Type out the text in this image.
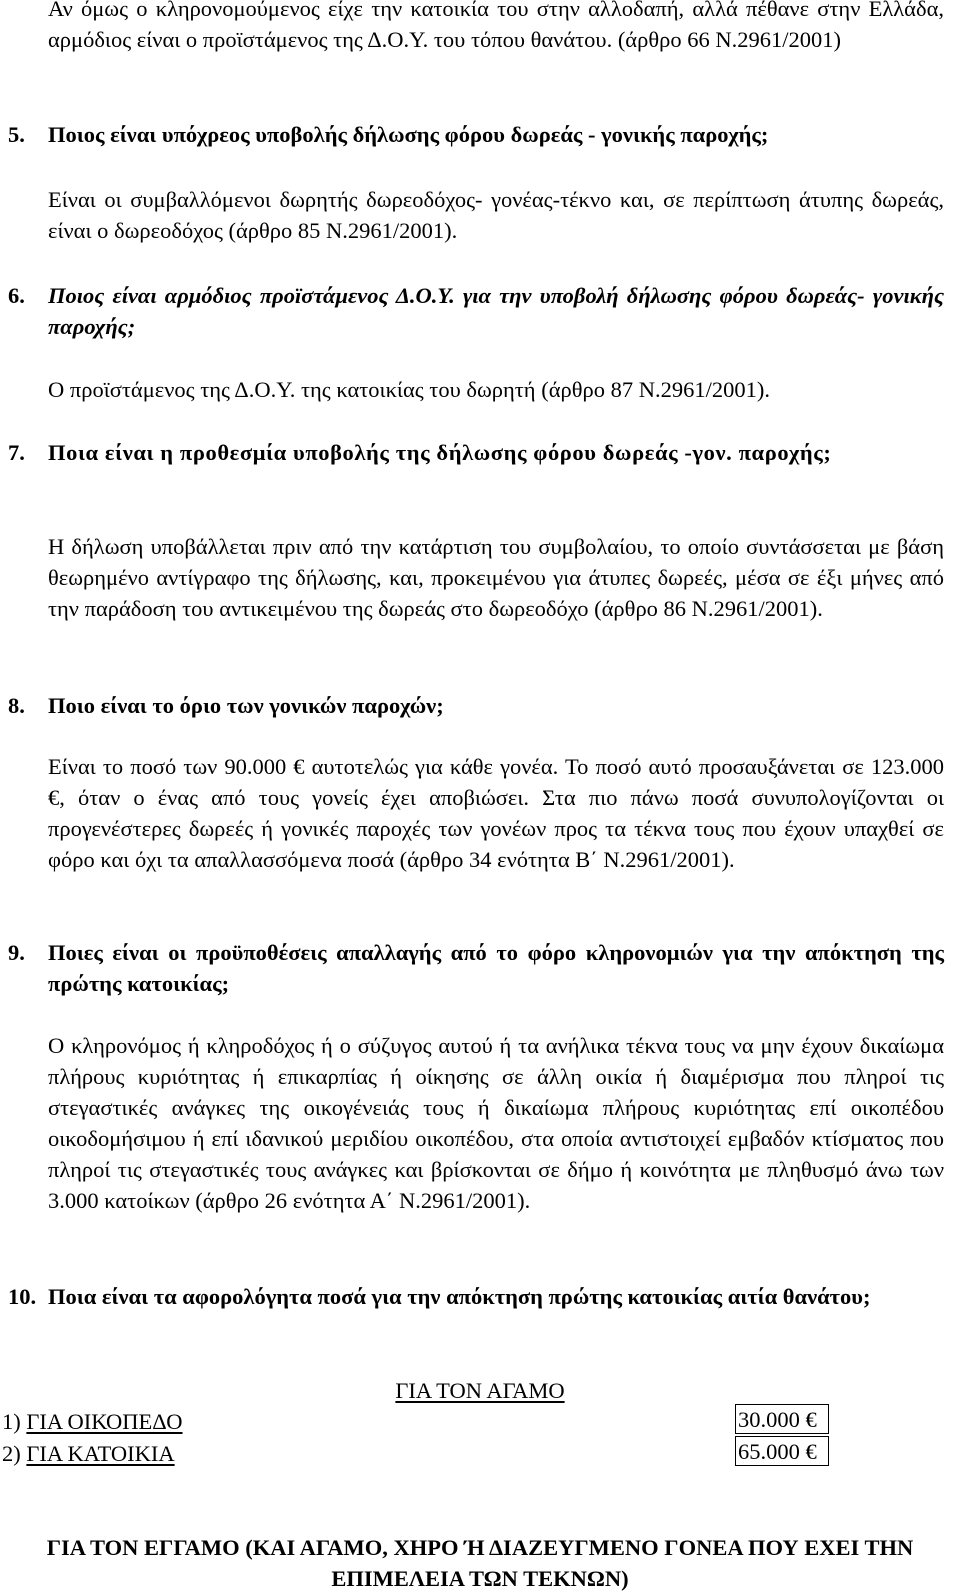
Αν όμως ο κληρονομούμενος είχε την κατοικία του στην αλλοδαπή, αλλά πέθανε στην Ελλάδα, αρμόδιος είναι ο προϊστάμενος της Δ.Ο.Υ. του τόπου θανάτου. (άρθρο 66 Ν.2961/2001)

5. Ποιος είναι υπόχρεος υποβολής δήλωσης φόρου δωρεάς - γονικής παροχής;

Είναι οι συμβαλλόμενοι δωρητής δωρεοδόχος- γονέας-τέκνο και, σε περίπτωση άτυπης δωρεάς, είναι ο δωρεοδόχος (άρθρο 85 Ν.2961/2001).

6. Ποιος είναι αρμόδιος προϊστάμενος Δ.Ο.Υ. για την υποβολή δήλωσης φόρου δωρεάς- γονικής παροχής;

Ο προϊστάμενος της Δ.Ο.Υ. της κατοικίας του δωρητή (άρθρο 87 Ν.2961/2001).

7. Ποια είναι η προθεσμία υποβολής της δήλωσης φόρου δωρεάς -γον. παροχής;

Η δήλωση υποβάλλεται πριν από την κατάρτιση του συμβολαίου, το οποίο συντάσσεται με βάση θεωρημένο αντίγραφο της δήλωσης, και, προκειμένου για άτυπες δωρεές, μέσα σε έξι μήνες από την παράδοση του αντικειμένου της δωρεάς στο δωρεοδόχο (άρθρο 86 Ν.2961/2001).

8. Ποιο είναι το όριο των γονικών παροχών;

Είναι το ποσό των 90.000 € αυτοτελώς για κάθε γονέα. Το ποσό αυτό προσαυξάνεται σε 123.000 €, όταν ο ένας από τους γονείς έχει αποβιώσει. Στα πιο πάνω ποσά συνυπολογίζονται οι προγενέστερες δωρεές ή γονικές παροχές των γονέων προς τα τέκνα τους που έχουν υπαχθεί σε φόρο και όχι τα απαλλασσόμενα ποσά (άρθρο 34 ενότητα Β΄ Ν.2961/2001).

9. Ποιες είναι οι προϋποθέσεις απαλλαγής από το φόρο κληρονομιών για την απόκτηση της πρώτης κατοικίας;

Ο κληρονόμος ή κληροδόχος ή ο σύζυγος αυτού ή τα ανήλικα τέκνα τους να μην έχουν δικαίωμα πλήρους κυριότητας ή επικαρπίας ή οίκησης σε άλλη οικία ή διαμέρισμα που πληροί τις στεγαστικές ανάγκες της οικογένειάς τους ή δικαίωμα πλήρους κυριότητας επί οικοπέδου οικοδομήσιμου ή επί ιδανικού μεριδίου οικοπέδου, στα οποία αντιστοιχεί εμβαδόν κτίσματος που πληροί τις στεγαστικές τους ανάγκες και βρίσκονται σε δήμο ή κοινότητα με πληθυσμό άνω των 3.000 κατοίκων (άρθρο 26 ενότητα Α΄ Ν.2961/2001).

10. Ποια είναι τα αφορολόγητα ποσά για την απόκτηση πρώτης κατοικίας αιτία θανάτου;
ΓΙΑ ΤΟΝ ΑΓΑΜΟ
1) ΓΙΑ ΟΙΚΟΠΕΔΟ	30.000 €
2) ΓΙΑ ΚΑΤΟΙΚΙΑ	65.000 €
ΓΙΑ ΤΟΝ ΕΓΓΑΜΟ (ΚΑΙ ΑΓΑΜΟ, ΧΗΡΟ Ή ΔΙΑΖΕΥΓΜΕΝΟ ΓΟΝΕΑ ΠΟΥ ΕΧΕΙ ΤΗΝ ΕΠΙΜΕΛΕΙΑ ΤΩΝ ΤΕΚΝΩΝ)
